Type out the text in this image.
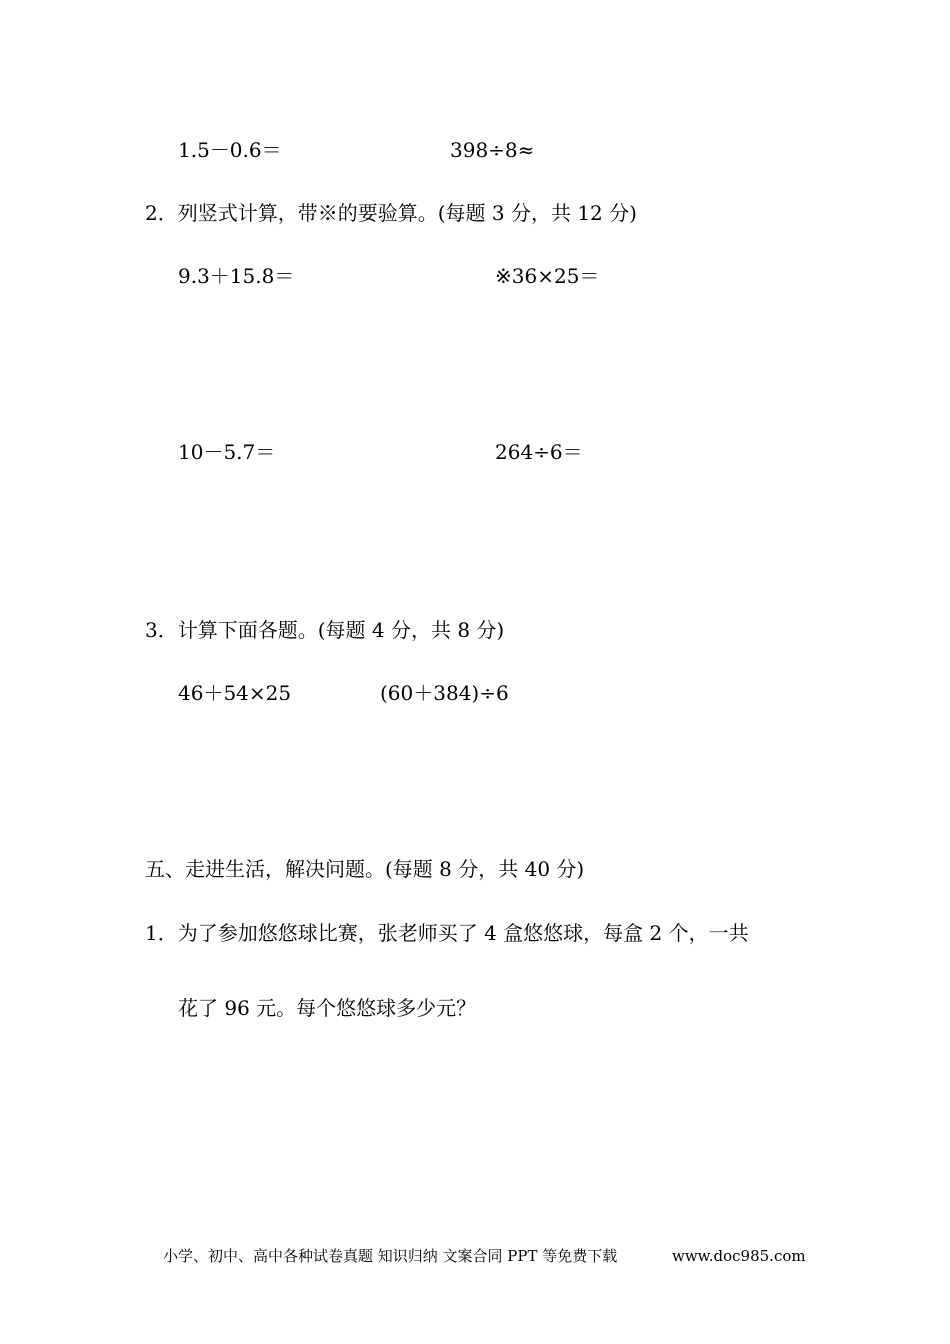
1.5－0.6＝	398÷8≈
2．列竖式计算，带※的要验算。(每题 3 分，共 12 分)
9.3＋15.8＝	※36×25＝
10－5.7＝	264÷6＝
3．计算下面各题。(每题 4 分，共 8 分)
46＋54×25	(60＋384)÷6
五、走进生活，解决问题。(每题 8 分，共 40 分)
1．为了参加悠悠球比赛，张老师买了 4 盒悠悠球，每盒 2 个，一共
花了 96 元。每个悠悠球多少元？
小学、初中、高中各种试卷真题 知识归纳 文案合同 PPT 等免费下载	www.doc985.com
